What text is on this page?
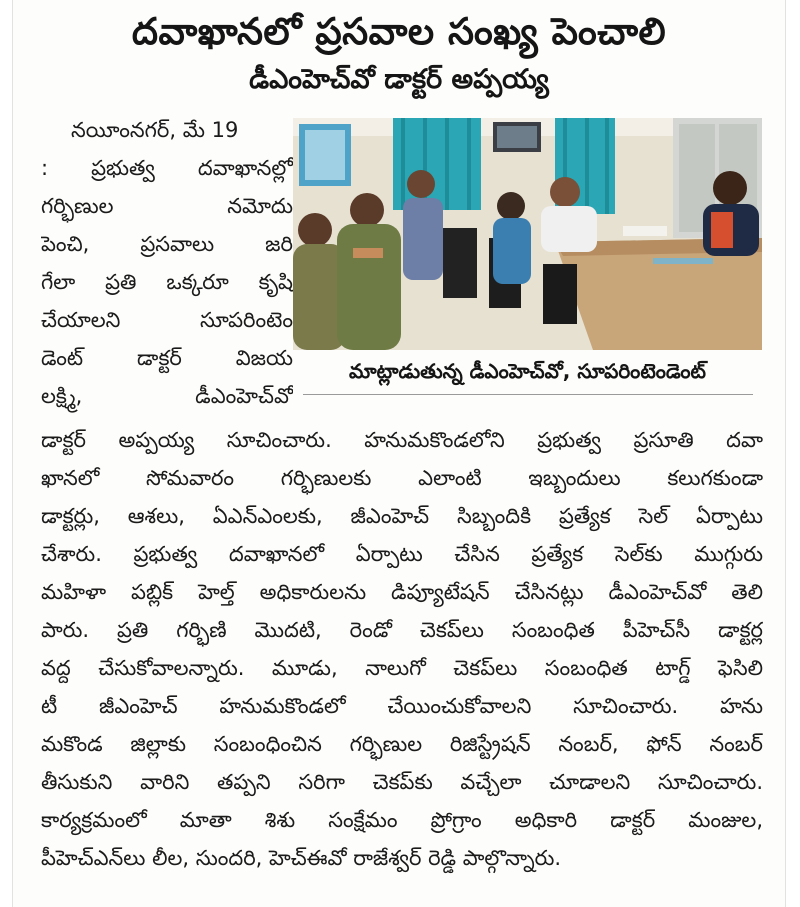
దవాఖానలో ప్రసవాల సంఖ్య పెంచాలి
డీఎంహెచ్‌వో డాక్టర్ అప్పయ్య
నయీంనగర్, మే 19
: ప్రభుత్వ దవాఖానల్లో
గర్భిణుల నమోదు
పెంచి, ప్రసవాలు జరి
గేలా ప్రతి ఒక్కరూ కృషి
చేయాలని సూపరింటెం
డెంట్ డాక్టర్ విజయ
లక్ష్మి, డీఎంహెచ్‌వో
మాట్లాడుతున్న డీఎంహెచ్‌వో, సూపరింటెండెంట్
డాక్టర్ అప్పయ్య సూచించారు. హనుమకొండలోని ప్రభుత్వ ప్రసూతి దవా
ఖానలో సోమవారం గర్భిణులకు ఎలాంటి ఇబ్బందులు కలుగకుండా
డాక్టర్లు, ఆశలు, ఏఎన్‌ఎంలకు, జీఎంహెచ్ సిబ్బందికి ప్రత్యేక సెల్ ఏర్పాటు
చేశారు. ప్రభుత్వ దవాఖానలో ఏర్పాటు చేసిన ప్రత్యేక సెల్‌కు ముగ్గురు
మహిళా పబ్లిక్ హెల్త్ అధికారులను డిప్యూటేషన్ చేసినట్లు డీఎంహెచ్‌వో తెలి
పారు. ప్రతి గర్భిణి మొదటి, రెండో చెకప్‌లు సంబంధిత పీహెచ్‌సీ డాక్టర్ల
వద్ద చేసుకోవాలన్నారు. మూడు, నాలుగో చెకప్‌లు సంబంధిత టాగ్డ్ ఫెసిలి
టీ జీఎంహెచ్ హనుమకొండలో చేయించుకోవాలని సూచించారు. హను
మకొండ జిల్లాకు సంబంధించిన గర్భిణుల రిజిస్ట్రేషన్ నంబర్, ఫోన్ నంబర్
తీసుకుని వారిని తప్పని సరిగా చెకప్‌కు వచ్చేలా చూడాలని సూచించారు.
కార్యక్రమంలో మాతా శిశు సంక్షేమం ప్రోగ్రాం అధికారి డాక్టర్ మంజుల,
పీహెచ్‌ఎన్‌లు లీల, సుందరి, హెచ్‌ఈవో రాజేశ్వర్ రెడ్డి పాల్గొన్నారు.
